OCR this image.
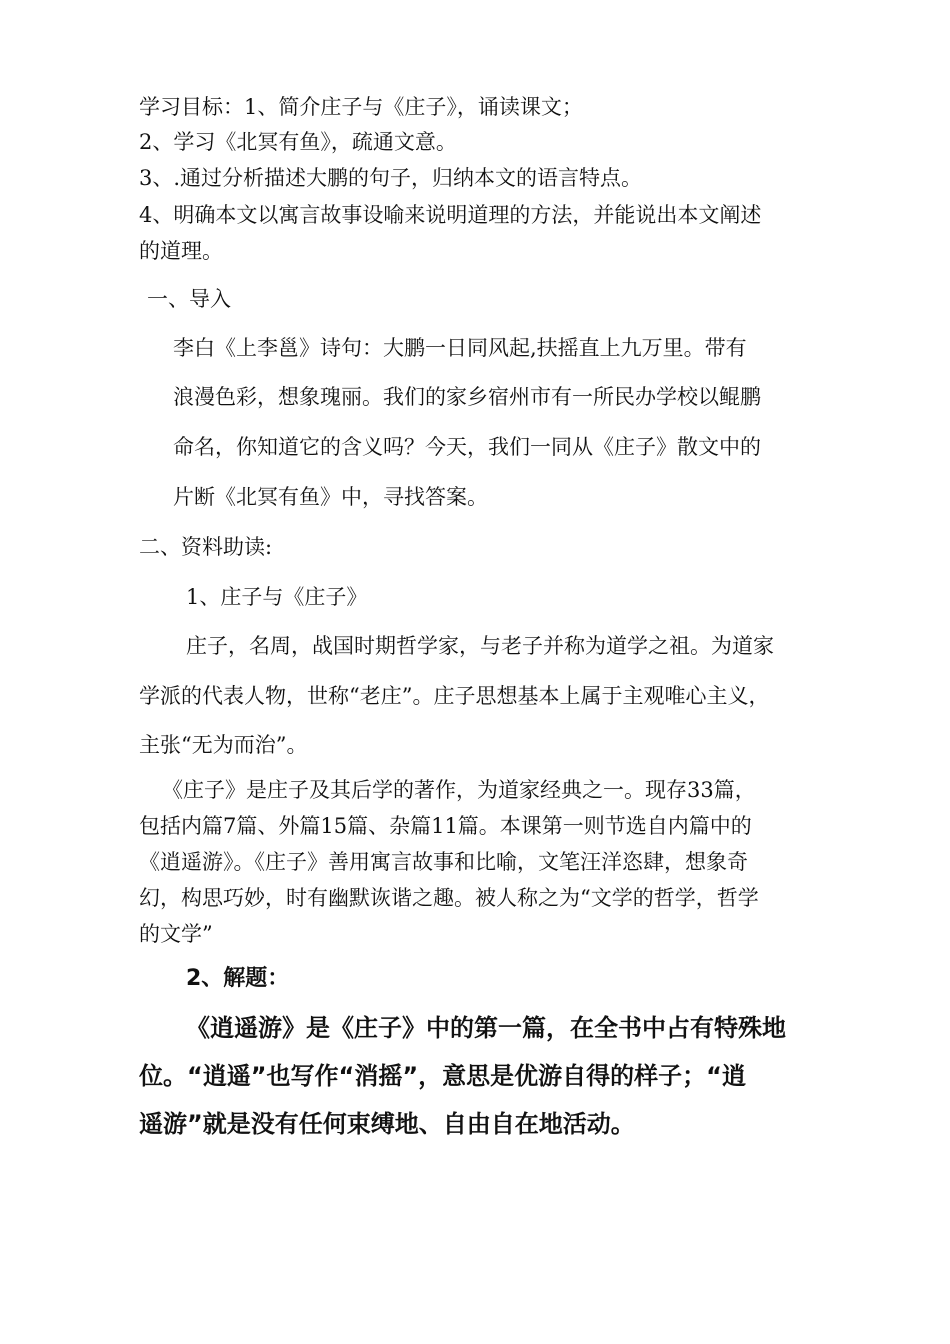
学习目标：1、简介庄子与《庄子》，诵读课文；

2、学习《北冥有鱼》，疏通文意。

3、.通过分析描述大鹏的句子，归纳本文的语言特点。

4、明确本文以寓言故事设喻来说明道理的方法，并能说出本文阐述

的道理。

一、导入

李白《上李邕》诗句：大鹏一日同风起,扶摇直上九万里。带有

浪漫色彩，想象瑰丽。我们的家乡宿州市有一所民办学校以鲲鹏

命名，你知道它的含义吗？今天，我们一同从《庄子》散文中的

片断《北冥有鱼》中，寻找答案。

二、资料助读:

1、庄子与《庄子》

庄子，名周，战国时期哲学家，与老子并称为道学之祖。为道家

学派的代表人物，世称“老庄”。庄子思想基本上属于主观唯心主义，

主张“无为而治”。

《庄子》是庄子及其后学的著作，为道家经典之一。现存33篇，

包括内篇7篇、外篇15篇、杂篇11篇。本课第一则节选自内篇中的

《逍遥游》。《庄子》善用寓言故事和比喻，文笔汪洋恣肆，想象奇

幻，构思巧妙，时有幽默诙谐之趣。被人称之为“文学的哲学，哲学

的文学”

2、解题：

《逍遥游》是《庄子》中的第一篇，在全书中占有特殊地

位。“逍遥”也写作“消摇”，意思是优游自得的样子；“逍

遥游”就是没有任何束缚地、自由自在地活动。
